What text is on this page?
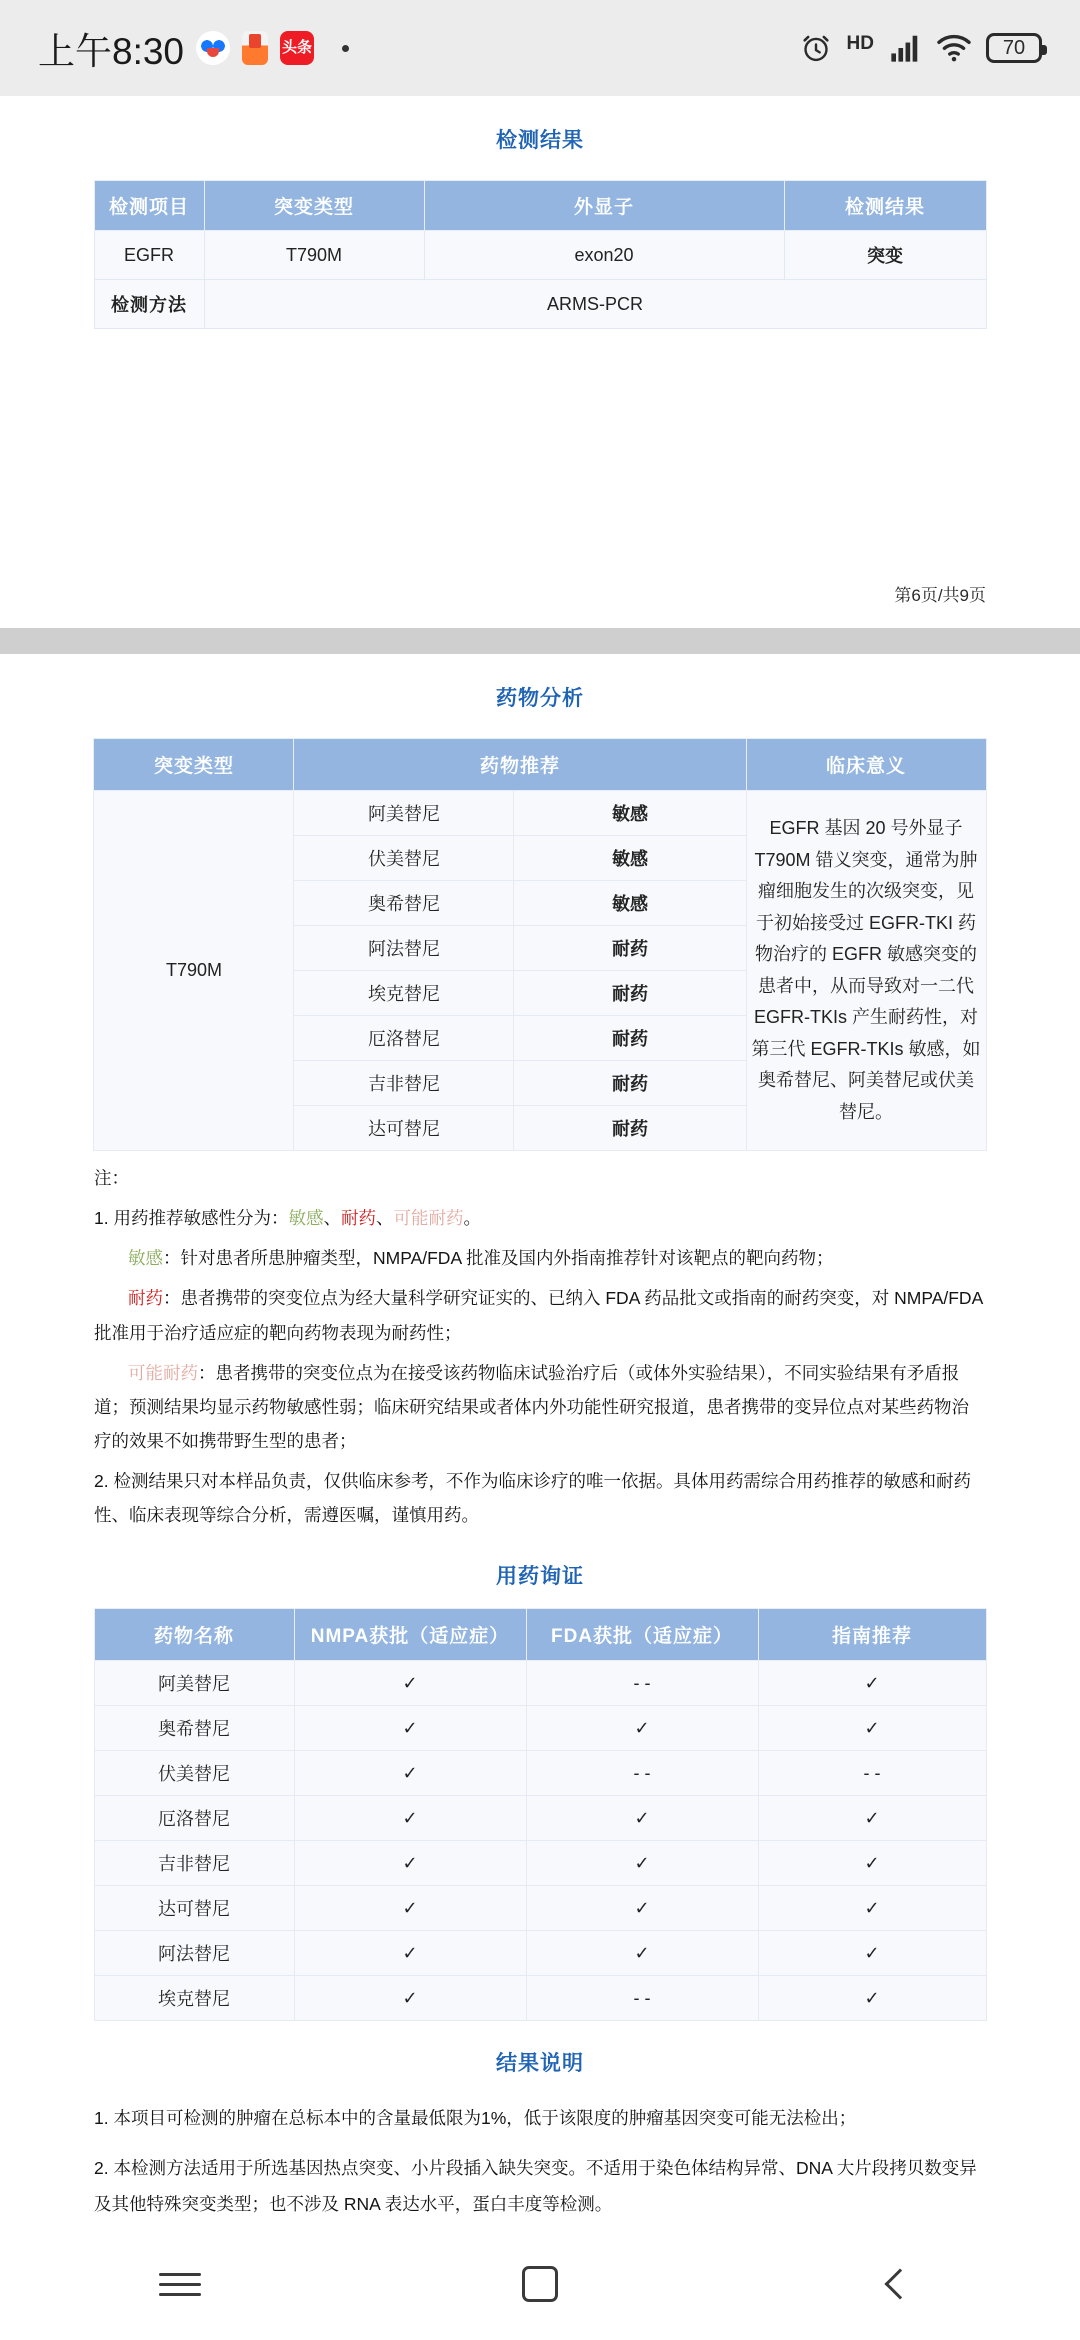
上午8:30	头条	HD	70
检测结果
检测项目	突变类型	外显子	检测结果
EGFR	T790M	exon20	突变
检测方法	ARMS-PCR		
第6页/共9页
药物分析
突变类型	药物推荐		临床意义
T790M	阿美替尼	敏感	EGFR 基因 20 号外显子 T790M 错义突变，通常为肿瘤细胞发生的次级突变，见于初始接受过 EGFR-TKI 药物治疗的 EGFR 敏感突变的患者中，从而导致对一二代EGFR-TKIs 产生耐药性，对第三代 EGFR-TKIs 敏感，如奥希替尼、阿美替尼或伏美替尼。
	伏美替尼	敏感	
	奥希替尼	敏感	
	阿法替尼	耐药	
	埃克替尼	耐药	
	厄洛替尼	耐药	
	吉非替尼	耐药	
	达可替尼	耐药	
注：
1. 用药推荐敏感性分为：敏感、耐药、可能耐药。
敏感：针对患者所患肿瘤类型，NMPA/FDA 批准及国内外指南推荐针对该靶点的靶向药物；
耐药：患者携带的突变位点为经大量科学研究证实的、已纳入 FDA 药品批文或指南的耐药突变，对 NMPA/FDA 批准用于治疗适应症的靶向药物表现为耐药性；
可能耐药：患者携带的突变位点为在接受该药物临床试验治疗后（或体外实验结果），不同实验结果有矛盾报道；预测结果均显示药物敏感性弱；临床研究结果或者体内外功能性研究报道，患者携带的变异位点对某些药物治疗的效果不如携带野生型的患者；
2. 检测结果只对本样品负责，仅供临床参考，不作为临床诊疗的唯一依据。具体用药需综合用药推荐的敏感和耐药性、临床表现等综合分析，需遵医嘱，谨慎用药。
用药询证
药物名称	NMPA获批（适应症）	FDA获批（适应症）	指南推荐
阿美替尼	✓	- -	✓
奥希替尼	✓	✓	✓
伏美替尼	✓	- -	- -
厄洛替尼	✓	✓	✓
吉非替尼	✓	✓	✓
达可替尼	✓	✓	✓
阿法替尼	✓	✓	✓
埃克替尼	✓	- -	✓
结果说明

1. 本项目可检测的肿瘤在总标本中的含量最低限为1%，低于该限度的肿瘤基因突变可能无法检出；

2. 本检测方法适用于所选基因热点突变、小片段插入缺失突变。不适用于染色体结构异常、DNA 大片段拷贝数变异及其他特殊突变类型；也不涉及 RNA 表达水平，蛋白丰度等检测。
